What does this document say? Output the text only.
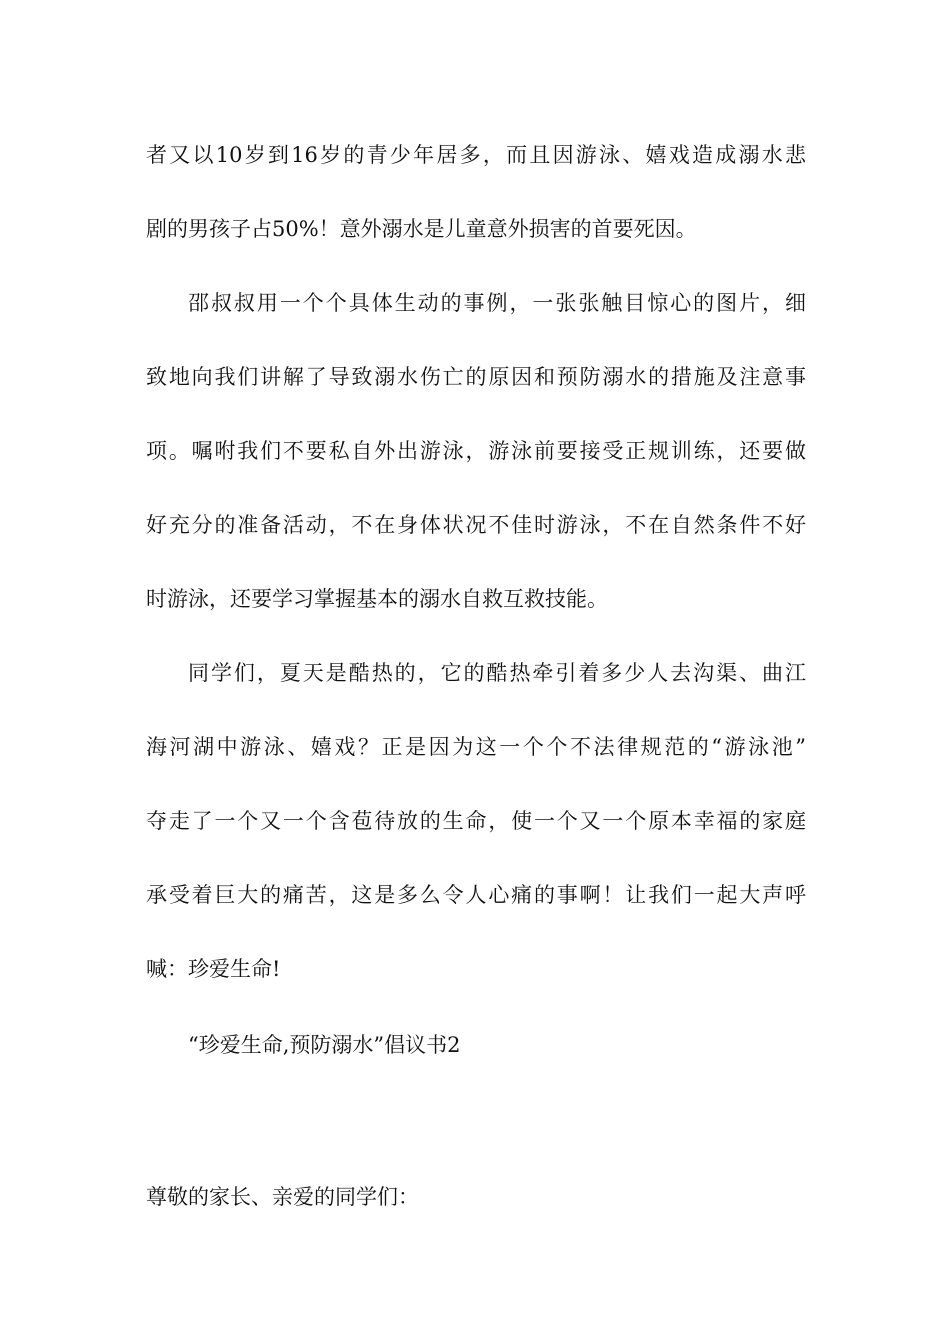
者又以10岁到16岁的青少年居多，而且因游泳、嬉戏造成溺水悲
剧的男孩子占50%！意外溺水是儿童意外损害的首要死因。
邵叔叔用一个个具体生动的事例，一张张触目惊心的图片，细
致地向我们讲解了导致溺水伤亡的原因和预防溺水的措施及注意事
项。嘱咐我们不要私自外出游泳，游泳前要接受正规训练，还要做
好充分的准备活动，不在身体状况不佳时游泳，不在自然条件不好
时游泳，还要学习掌握基本的溺水自救互救技能。
同学们，夏天是酷热的，它的酷热牵引着多少人去沟渠、曲江
海河湖中游泳、嬉戏？正是因为这一个个不法律规范的“游泳池”
夺走了一个又一个含苞待放的生命，使一个又一个原本幸福的家庭
承受着巨大的痛苦，这是多么令人心痛的事啊！让我们一起大声呼
喊：珍爱生命!
“珍爱生命,预防溺水”倡议书2
尊敬的家长、亲爱的同学们：
